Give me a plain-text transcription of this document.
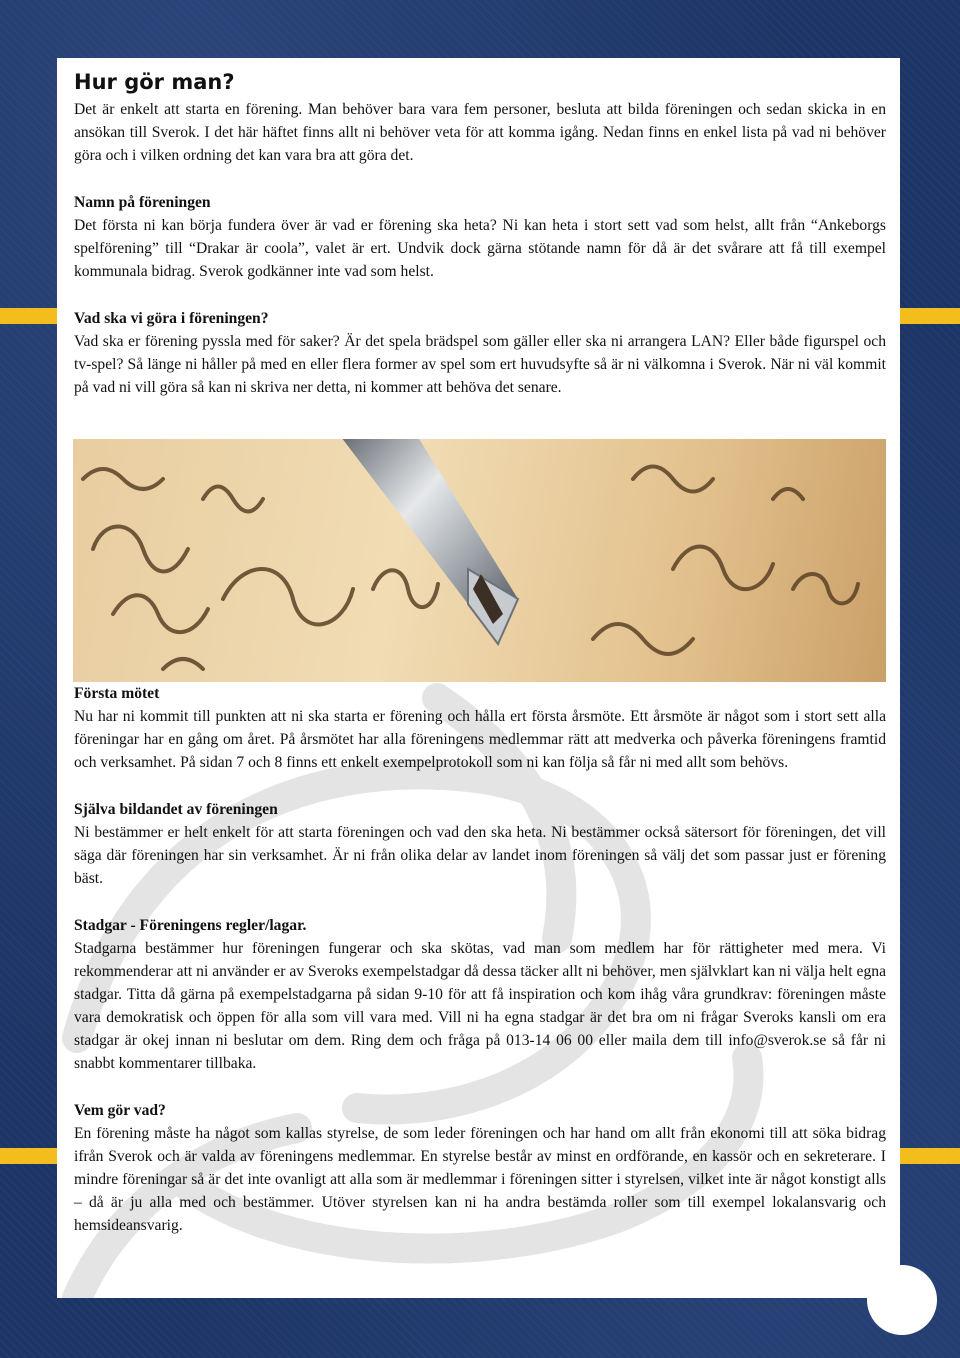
Hur gör man?

Det är enkelt att starta en förening. Man behöver bara vara fem personer, besluta att bilda föreningen och sedan skicka in en ansökan till Sverok. I det här häftet finns allt ni behöver veta för att komma igång. Nedan finns en enkel lista på vad ni behöver göra och i vilken ordning det kan vara bra att göra det.

Namn på föreningen

Det första ni kan börja fundera över är vad er förening ska heta? Ni kan heta i stort sett vad som helst, allt från “Ankeborgs spelförening” till “Drakar är coola”, valet är ert. Undvik dock gärna stötande namn för då är det svårare att få till exempel kommunala bidrag. Sverok godkänner inte vad som helst.

Vad ska vi göra i föreningen?

Vad ska er förening pyssla med för saker? Är det spela brädspel som gäller eller ska ni arrangera LAN? Eller både figurspel och tv-spel? Så länge ni håller på med en eller flera former av spel som ert huvudsyfte så är ni välkomna i Sverok. När ni väl kommit på vad ni vill göra så kan ni skriva ner detta, ni kommer att behöva det senare.

Första mötet

Nu har ni kommit till punkten att ni ska starta er förening och hålla ert första årsmöte. Ett årsmöte är något som i stort sett alla föreningar har en gång om året. På årsmötet har alla föreningens medlemmar rätt att medverka och påverka föreningens framtid och verksamhet. På sidan 7 och 8 finns ett enkelt exempelprotokoll som ni kan följa så får ni med allt som behövs.

Själva bildandet av föreningen

Ni bestämmer er helt enkelt för att starta föreningen och vad den ska heta. Ni bestämmer också sätersort för föreningen, det vill säga där föreningen har sin verksamhet. Är ni från olika delar av landet inom föreningen så välj det som passar just er förening bäst.

Stadgar - Föreningens regler/lagar.

Stadgarna bestämmer hur föreningen fungerar och ska skötas, vad man som medlem har för rättigheter med mera. Vi rekommenderar att ni använder er av Sveroks exempelstadgar då dessa täcker allt ni behöver, men självklart kan ni välja helt egna stadgar. Titta då gärna på exempelstadgarna på sidan 9-10 för att få inspiration och kom ihåg våra grundkrav: föreningen måste vara demokratisk och öppen för alla som vill vara med. Vill ni ha egna stadgar är det bra om ni frågar Sveroks kansli om era stadgar är okej innan ni beslutar om dem. Ring dem och fråga på 013-14 06 00 eller maila dem till info@sverok.se så får ni snabbt kommentarer tillbaka.

Vem gör vad?

En förening måste ha något som kallas styrelse, de som leder föreningen och har hand om allt från ekonomi till att söka bidrag ifrån Sverok och är valda av föreningens medlemmar. En styrelse består av minst en ordförande, en kassör och en sekreterare. I mindre föreningar så är det inte ovanligt att alla som är medlemmar i föreningen sitter i styrelsen, vilket inte är något konstigt alls – då är ju alla med och bestämmer. Utöver styrelsen kan ni ha andra bestämda roller som till exempel lokalansvarig och hemsideansvarig.
